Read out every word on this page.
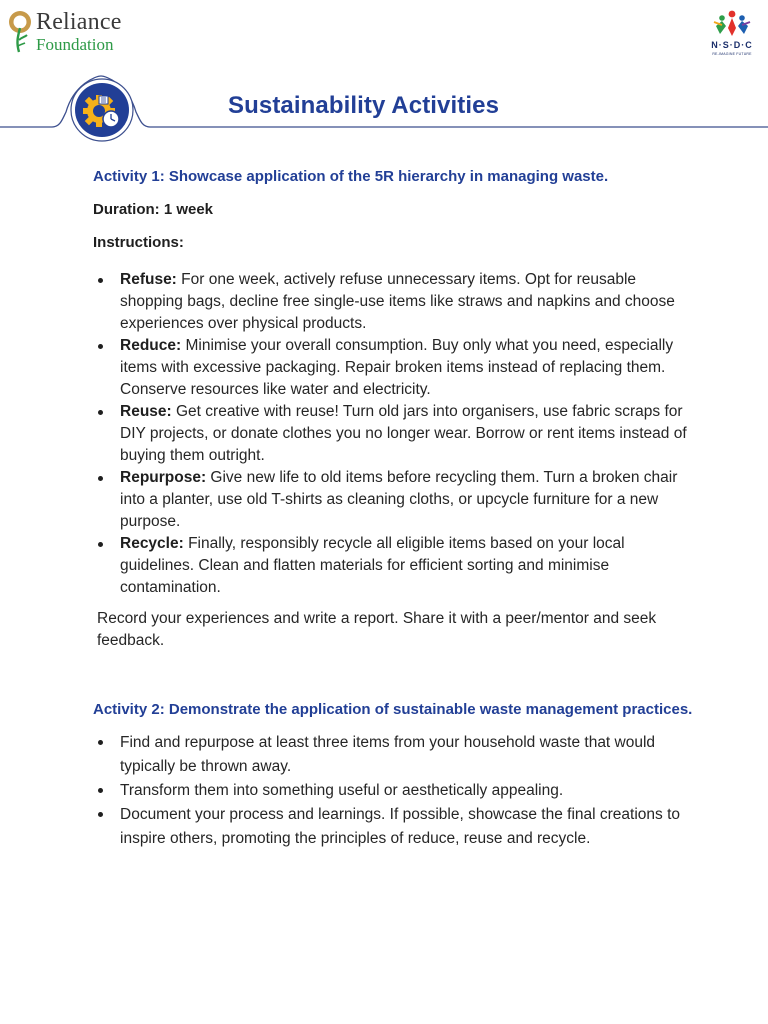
Reliance
Foundation	N·S·D·C
RE-IMAGINE FUTURE
Sustainability Activities

Activity 1: Showcase application of the 5R hierarchy in managing waste.

Duration: 1 week

Instructions:

Refuse: For one week, actively refuse unnecessary items. Opt for reusable shopping bags, decline free single-use items like straws and napkins and choose experiences over physical products.
Reduce: Minimise your overall consumption. Buy only what you need, especially items with excessive packaging. Repair broken items instead of replacing them. Conserve resources like water and electricity.
Reuse: Get creative with reuse! Turn old jars into organisers, use fabric scraps for DIY projects, or donate clothes you no longer wear. Borrow or rent items instead of buying them outright.
Repurpose: Give new life to old items before recycling them. Turn a broken chair into a planter, use old T-shirts as cleaning cloths, or upcycle furniture for a new purpose.
Recycle: Finally, responsibly recycle all eligible items based on your local guidelines. Clean and flatten materials for efficient sorting and minimise contamination.

Record your experiences and write a report. Share it with a peer/mentor and seek feedback.

Activity 2: Demonstrate the application of sustainable waste management practices.

Find and repurpose at least three items from your household waste that would typically be thrown away.
Transform them into something useful or aesthetically appealing.
Document your process and learnings. If possible, showcase the final creations to inspire others, promoting the principles of reduce, reuse and recycle.
